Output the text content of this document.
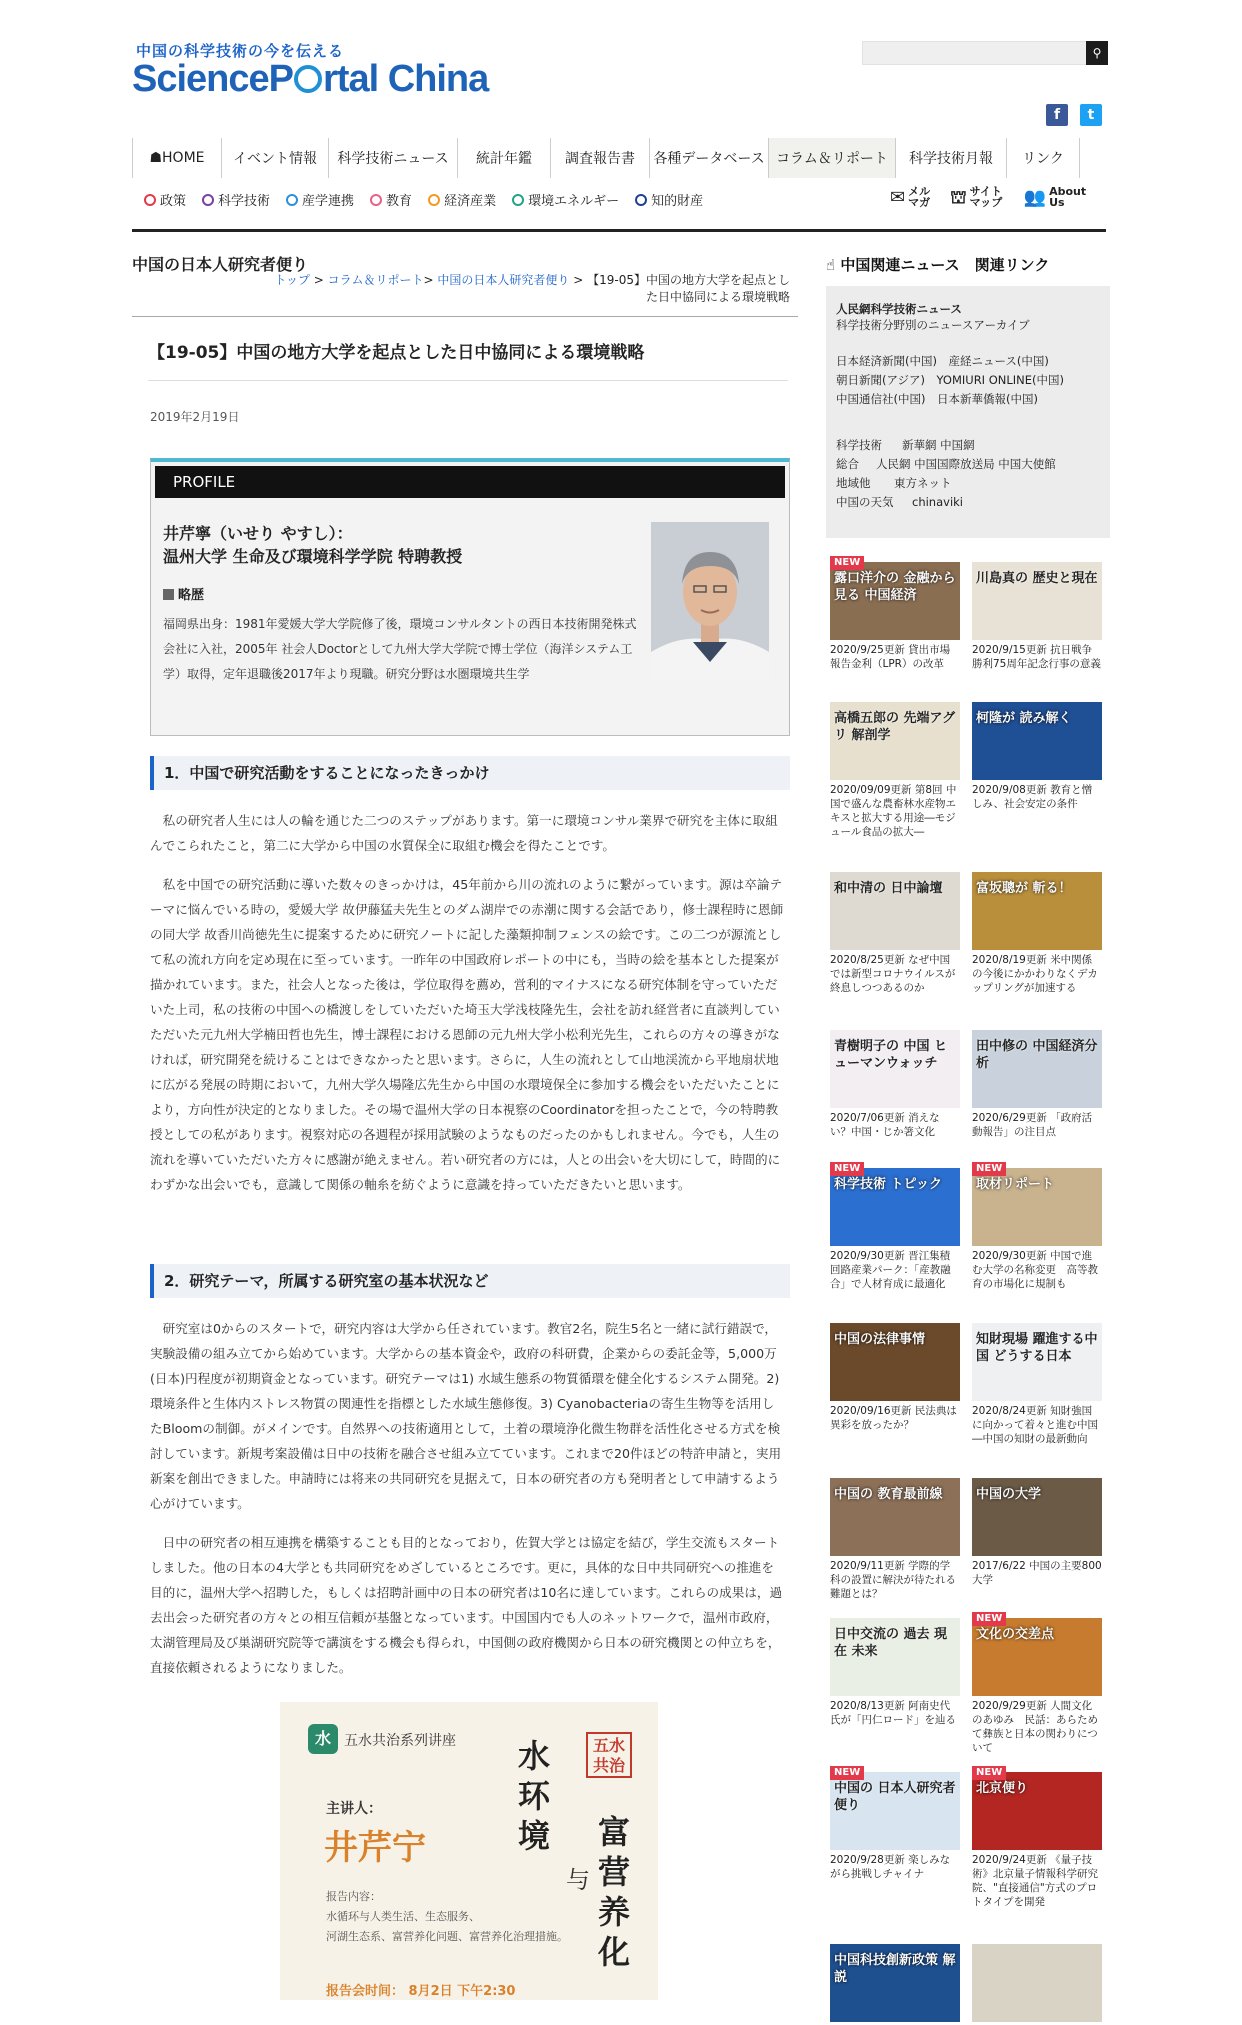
中国の科学技術の今を伝える
ScienceP rtal China
⚲
f	t
☗ HOME	イベント情報	科学技術ニュース	統計年鑑	調査報告書	各種データベース コラム＆リポート	科学技術月報	リンク
政策	科学技術	産学連携	教育	経済産業	環境エネルギー	知的財産	✉ メル マガ ⛫ サイト マップ	👥 About Us
中国の日本人研究者便り
トップ > コラム＆リポート> 中国の日本人研究者便り > 【19-05】中国の地方大学を起点とした日中協同による環境戦略
【19-05】中国の地方大学を起点とした日中協同による環境戦略
2019年2月19日
PROFILE
井芹寧（いせり やすし）：
温州大学 生命及び環境科学学院 特聘教授
略歴
福岡県出身：1981年愛媛大学大学院修了後，環境コンサルタントの西日本技術開発株式会社に入社，2005年 社会人Doctorとして九州大学大学院で博士学位（海洋システム工学）取得，定年退職後2017年より現職。研究分野は水圏環境共生学
1．中国で研究活動をすることになったきっかけ
私の研究者人生には人の輪を通じた二つのステップがあります。第一に環境コンサル業界で研究を主体に取組んでこられたこと，第二に大学から中国の水質保全に取組む機会を得たことです。
私を中国での研究活動に導いた数々のきっかけは，45年前から川の流れのように繋がっています。源は卒論テーマに悩んでいる時の，愛媛大学 故伊藤猛夫先生とのダム湖岸での赤潮に関する会話であり，修士課程時に恩師の同大学 故香川尚徳先生に提案するために研究ノートに記した藻類抑制フェンスの絵です。この二つが源流として私の流れ方向を定め現在に至っています。一昨年の中国政府レポートの中にも，当時の絵を基本とした提案が描かれています。また，社会人となった後は，学位取得を薦め，営利的マイナスになる研究体制を守っていただいた上司，私の技術の中国への橋渡しをしていただいた埼玉大学浅枝隆先生，会社を訪れ経営者に直談判していただいた元九州大学楠田哲也先生，博士課程における恩師の元九州大学小松利光先生，これらの方々の導きがなければ，研究開発を続けることはできなかったと思います。さらに，人生の流れとして山地渓流から平地扇状地に広がる発展の時期において，九州大学久場隆広先生から中国の水環境保全に参加する機会をいただいたことにより，方向性が決定的となりました。その場で温州大学の日本視察のCoordinatorを担ったことで，今の特聘教授としての私があります。視察対応の各週程が採用試験のようなものだったのかもしれません。今でも，人生の流れを導いていただいた方々に感謝が絶えません。若い研究者の方には，人との出会いを大切にして，時間的にわずかな出会いでも，意識して関係の軸糸を紡ぐように意識を持っていただきたいと思います。
2．研究テーマ，所属する研究室の基本状況など
研究室は0からのスタートで，研究内容は大学から任されています。教官2名，院生5名と一緒に試行錯誤で，実験設備の組み立てから始めています。大学からの基本資金や，政府の科研費，企業からの委託金等，5,000万(日本)円程度が初期資金となっています。研究テーマは1) 水域生態系の物質循環を健全化するシステム開発。2) 環境条件と生体内ストレス物質の関連性を指標とした水域生態修復。3) Cyanobacteriaの寄生生物等を活用したBloomの制御。がメインです。自然界への技術適用として，土着の環境浄化微生物群を活性化させる方式を検討しています。新規考案設備は日中の技術を融合させ組み立てています。これまで20件ほどの特許申請と，実用新案を創出できました。申請時には将来の共同研究を見据えて，日本の研究者の方も発明者として申請するよう心がけています。
日中の研究者の相互連携を構築することも目的となっており，佐賀大学とは協定を結び，学生交流もスタートしました。他の日本の4大学とも共同研究をめざしているところです。更に，具体的な日中共同研究への推進を目的に，温州大学へ招聘した，もしくは招聘計画中の日本の研究者は10名に達しています。これらの成果は，過去出会った研究者の方々との相互信頼が基盤となっています。中国国内でも人のネットワークで，温州市政府，太湖管理局及び巣湖研究院等で講演をする機会も得られ，中国側の政府機関から日本の研究機関との仲立ちを，直接依頼されるようになりました。
水 五水共治系列讲座
主讲人：
井芹宁
水环境
与
富营养化
五水 共治
报告内容：
水循环与人类生活、生态服务、
河湖生态系、富营养化问题、富营养化治理措施。
报告会时间： 8月2日 下午2:30
☝ 中国関連ニュース　関連リンク
人民網科学技術ニュース
科学技術分野別のニュースアーカイブ
日本経済新聞(中国)　産経ニュース(中国)
朝日新聞(アジア)　YOMIURI ONLINE(中国)
中国通信社(中国)　日本新華僑報(中国)
科学技術 新華網 中国網
総合 人民網 中国国際放送局 中国大使館
地域他 東方ネット
中国の天気 chinaviki
露口洋介の 金融から見る 中国経済
NEW
2020/9/25更新 貸出市場報告金利（LPR）の改革
川島真の 歴史と現在
2020/9/15更新 抗日戦争勝利75周年記念行事の意義
高橋五郎の 先端アグリ 解剖学
2020/09/09更新 第8回 中国で盛んな農畜林水産物エキスと拡大する用途―モジュール食品の拡大―
柯隆が 読み解く
2020/9/08更新 教育と憎しみ、社会安定の条件
和中清の 日中論壇
2020/8/25更新 なぜ中国では新型コロナウイルスが終息しつつあるのか
富坂聰が 斬る！
2020/8/19更新 米中関係の今後にかかわりなくデカップリングが加速する
青樹明子の 中国 ヒューマンウォッチ
2020/7/06更新 消えない？中国・じか箸文化
田中修の 中国経済分析
2020/6/29更新 「政府活動報告」の注目点
科学技術 トピック
NEW
2020/9/30更新 晋江集積回路産業パーク：「産教融合」で人材育成に最適化
取材リポート
NEW
2020/9/30更新 中国で進む大学の名称変更　高等教育の市場化に規制も
中国の法律事情
2020/09/16更新 民法典は異彩を放ったか？
知財現場 躍進する中国 どうする日本
2020/8/24更新 知財強国に向かって着々と進む中国―中国の知財の最新動向
中国の 教育最前線
2020/9/11更新 学際的学科の設置に解決が待たれる難題とは？
中国の大学
2017/6/22 中国の主要800大学
日中交流の 過去 現在 未来
2020/8/13更新 阿南史代氏が「円仁ロード」を辿る
文化の交差点
NEW
2020/9/29更新 人間文化のあゆみ　民話：あらためて彝族と日本の関わりについて
中国の 日本人研究者便り
NEW
2020/9/28更新 楽しみながら挑戦しチャイナ
北京便り
NEW
2020/9/24更新 《量子技術》北京量子情報科学研究院、"直接通信"方式のプロトタイプを開発
中国科技創新政策 解説
